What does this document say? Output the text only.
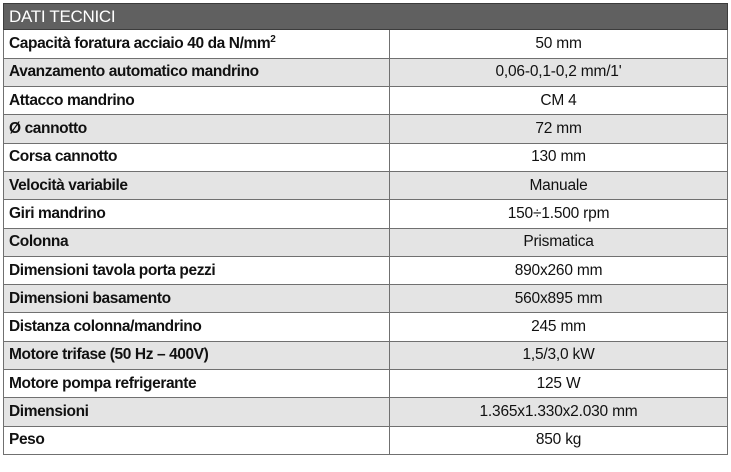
DATI TECNICI
Capacità foratura acciaio 40 da $N/mm^2$	50 mm
Avanzamento automatico mandrino	0,06-0,1-0,2 mm/1'
Attacco mandrino	CM 4
Ø cannotto	72 mm
Corsa cannotto	130 mm
Velocità variabile	Manuale
Giri mandrino	150÷1.500 rpm
Colonna	Prismatica
Dimensioni tavola porta pezzi	890x260 mm
Dimensioni basamento	560x895 mm
Distanza colonna/mandrino	245 mm
Motore trifase (50 Hz – 400V)	1,5/3,0 kW
Motore pompa refrigerante	125 W
Dimensioni	1.365x1.330x2.030 mm
Peso	850 kg
